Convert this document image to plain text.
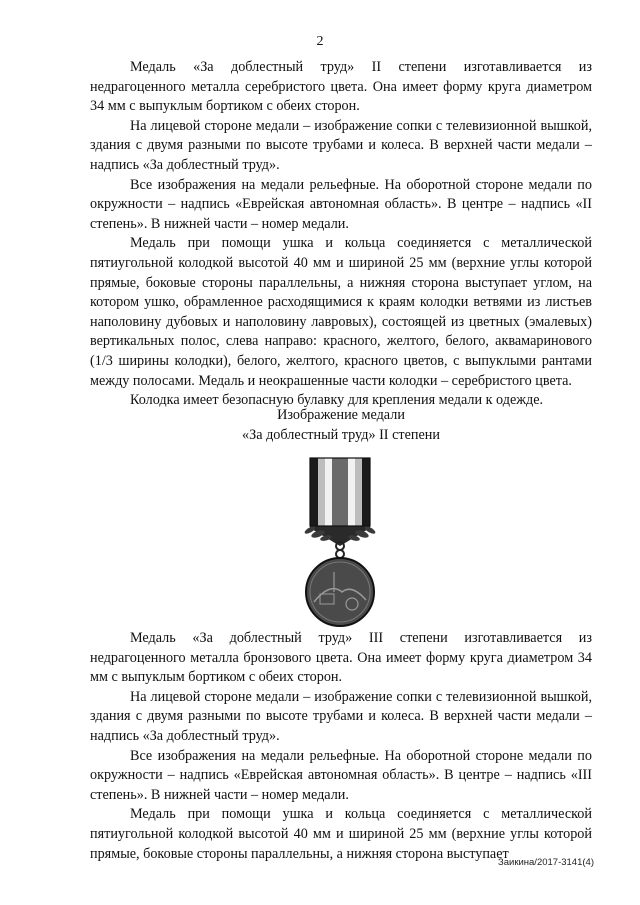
2

Медаль «За доблестный труд» II степени изготавливается из недрагоценного металла серебристого цвета. Она имеет форму круга диаметром 34 мм с выпуклым бортиком с обеих сторон.

На лицевой стороне медали – изображение сопки с телевизионной вышкой, здания с двумя разными по высоте трубами и колеса. В верхней части медали – надпись «За доблестный труд».

Все изображения на медали рельефные. На оборотной стороне медали по окружности – надпись «Еврейская автономная область». В центре – надпись «II степень». В нижней части – номер медали.

Медаль при помощи ушка и кольца соединяется с металлической пятиугольной колодкой высотой 40 мм и шириной 25 мм (верхние углы которой прямые, боковые стороны параллельны, а нижняя сторона выступает углом, на котором ушко, обрамленное расходящимися к краям колодки ветвями из листьев наполовину дубовых и наполовину лавровых), состоящей из цветных (эмалевых) вертикальных полос, слева направо: красного, желтого, белого, аквамаринового (1/3 ширины колодки), белого, желтого, красного цветов, с выпуклыми рантами между полосами. Медаль и неокрашенные части колодки – серебристого цвета.

Колодка имеет безопасную булавку для крепления медали к одежде.

Изображение медали
«За доблестный труд» II степени

Медаль «За доблестный труд» III степени изготавливается из недрагоценного металла бронзового цвета. Она имеет форму круга диаметром 34 мм с выпуклым бортиком с обеих сторон.

На лицевой стороне медали – изображение сопки с телевизионной вышкой, здания с двумя разными по высоте трубами и колеса. В верхней части медали – надпись «За доблестный труд».

Все изображения на медали рельефные. На оборотной стороне медали по окружности – надпись «Еврейская автономная область». В центре – надпись «III степень». В нижней части – номер медали.

Медаль при помощи ушка и кольца соединяется с металлической пятиугольной колодкой высотой 40 мм и шириной 25 мм (верхние углы которой прямые, боковые стороны параллельны, а нижняя сторона выступает

Заикина/2017-3141(4)
